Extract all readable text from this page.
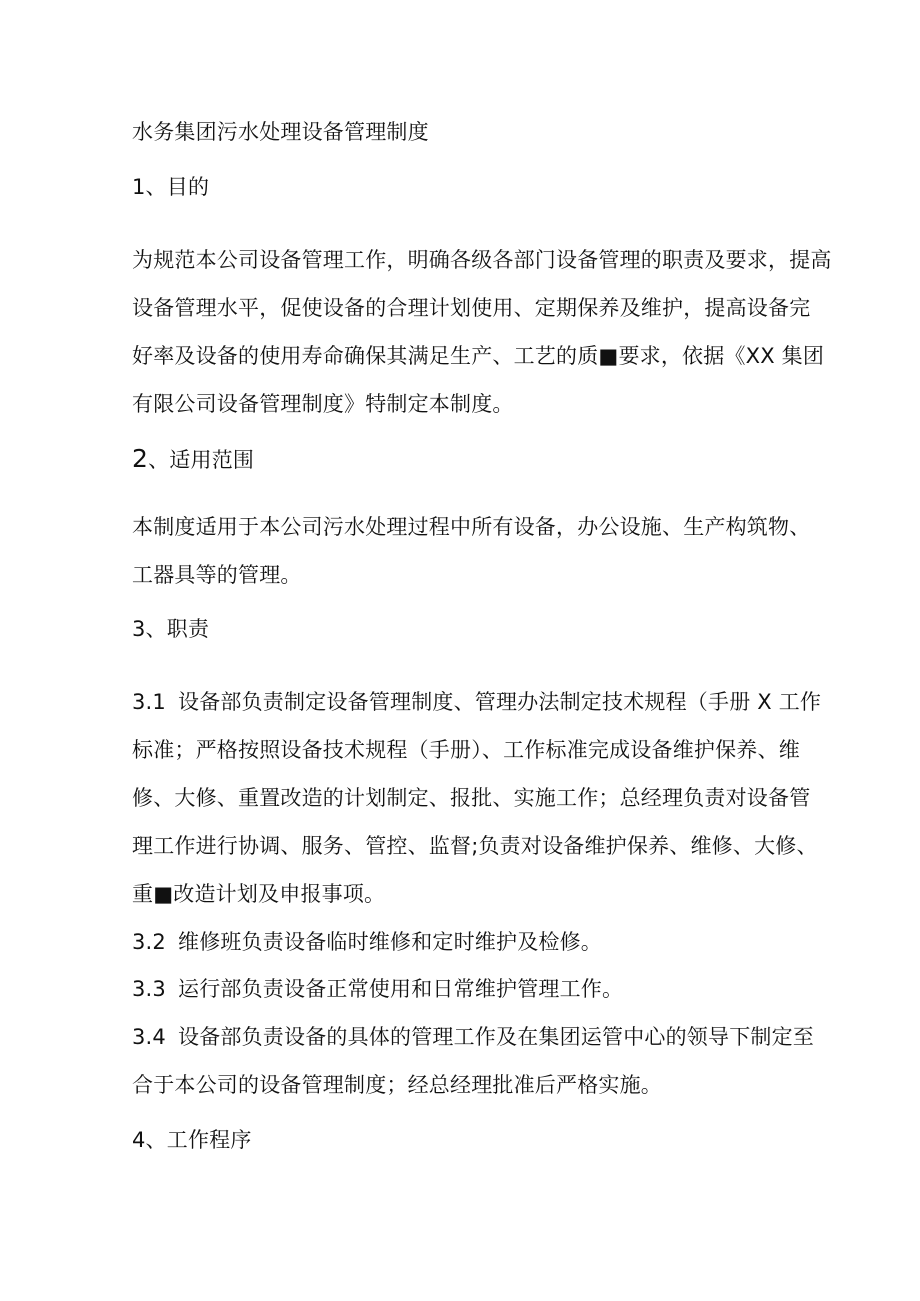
水务集团污水处理设备管理制度
1、目的
为规范本公司设备管理工作，明确各级各部门设备管理的职责及要求，提高
设备管理水平，促使设备的合理计划使用、定期保养及维护，提高设备完
好率及设备的使用寿命确保其满足生产、工艺的质■要求，依据《XX 集团
有限公司设备管理制度》特制定本制度。
2、适用范围
本制度适用于本公司污水处理过程中所有设备，办公设施、生产构筑物、
工器具等的管理。
3、职责
3.1 设备部负责制定设备管理制度、管理办法制定技术规程（手册 X 工作
标准；严格按照设备技术规程（手册）、工作标准完成设备维护保养、维
修、大修、重置改造的计划制定、报批、实施工作；总经理负责对设备管
理工作进行协调、服务、管控、监督;负责对设备维护保养、维修、大修、
重■改造计划及申报事项。
3.2 维修班负责设备临时维修和定时维护及检修。
3.3 运行部负责设备正常使用和日常维护管理工作。
3.4 设备部负责设备的具体的管理工作及在集团运管中心的领导下制定至
合于本公司的设备管理制度；经总经理批准后严格实施。
4、工作程序
